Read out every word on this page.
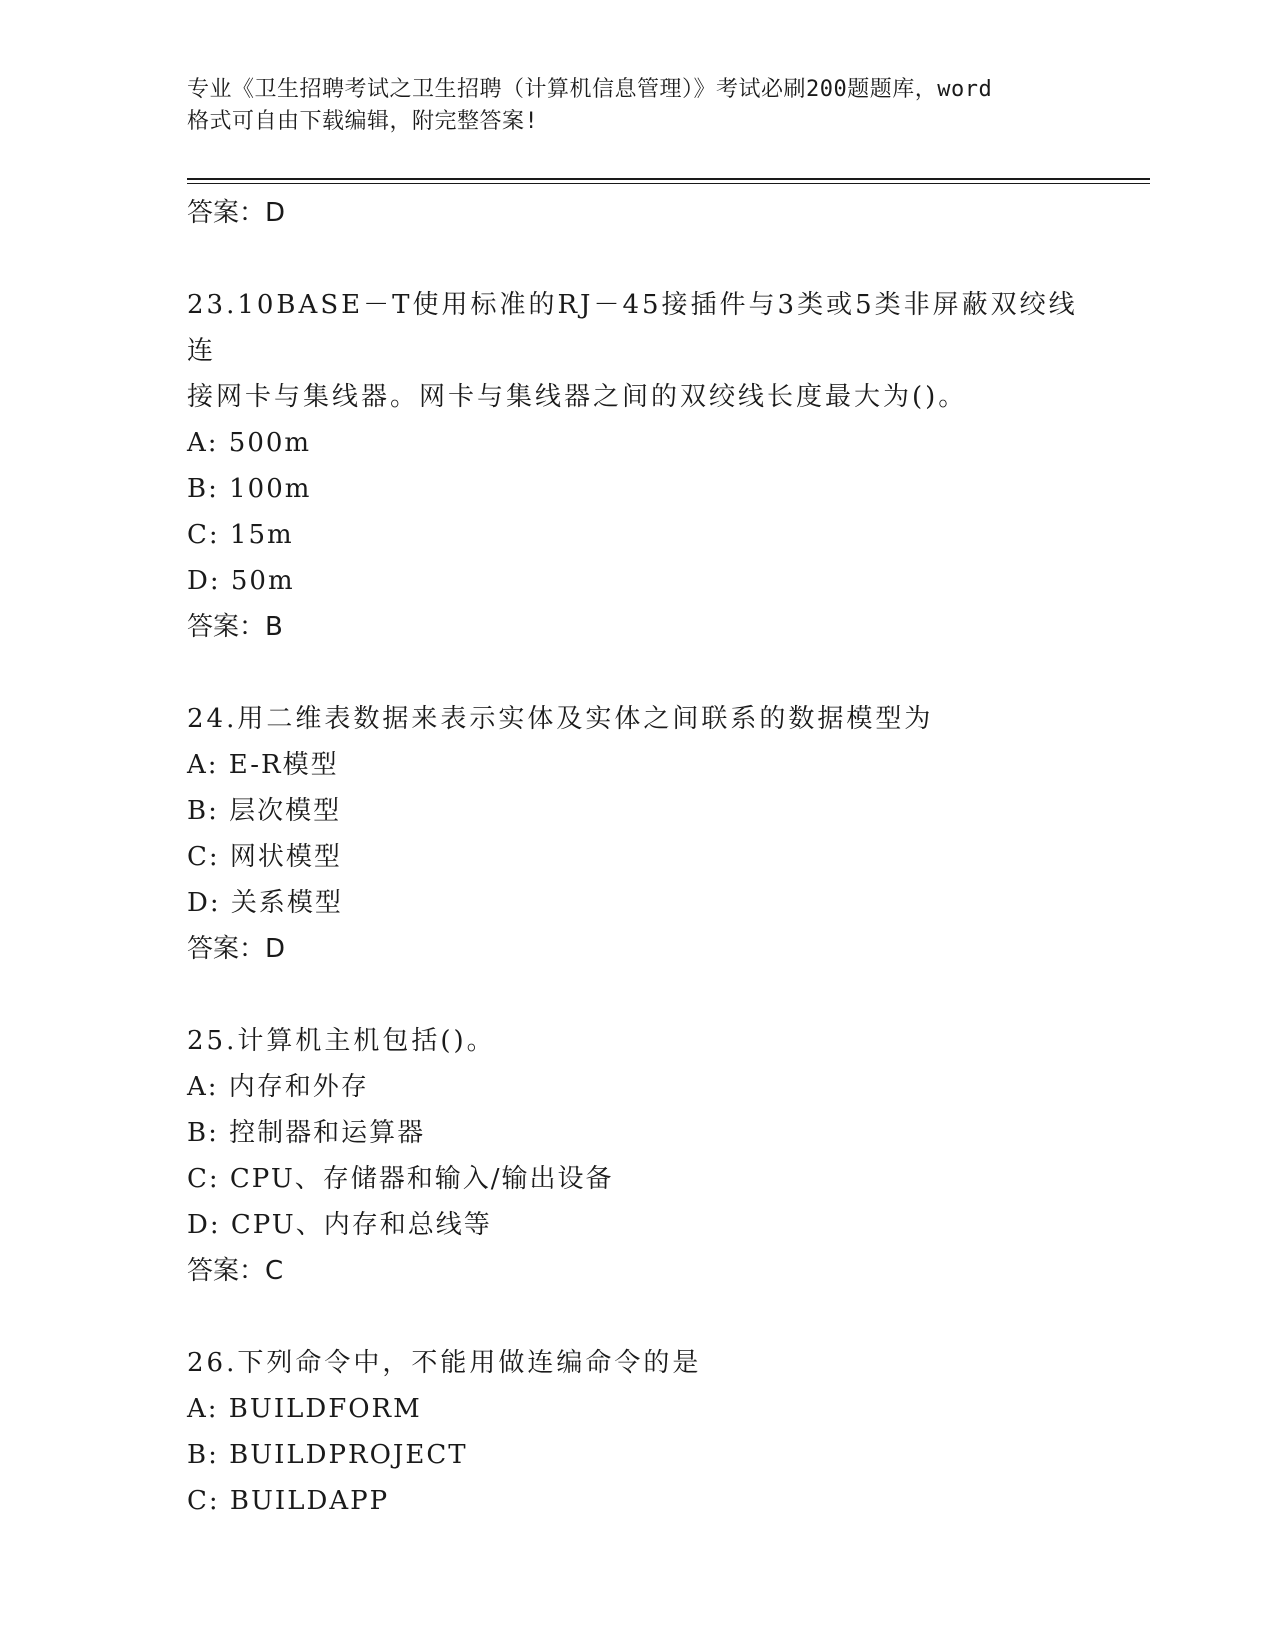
专业《卫生招聘考试之卫生招聘（计算机信息管理）》考试必刷200题题库，word
格式可自由下载编辑，附完整答案!

答案：D

23.10BASE－T使用标准的RJ－45接插件与3类或5类非屏蔽双绞线连

接网卡与集线器。网卡与集线器之间的双绞线长度最大为()。

A: 500m

B: 100m

C: 15m

D: 50m

答案：B

24.用二维表数据来表示实体及实体之间联系的数据模型为

A: E-R模型

B: 层次模型

C: 网状模型

D: 关系模型

答案：D

25.计算机主机包括()。

A: 内存和外存

B: 控制器和运算器

C: CPU、存储器和输入/输出设备

D: CPU、内存和总线等

答案：C

26.下列命令中，不能用做连编命令的是

A: BUILDFORM

B: BUILDPROJECT

C: BUILDAPP
